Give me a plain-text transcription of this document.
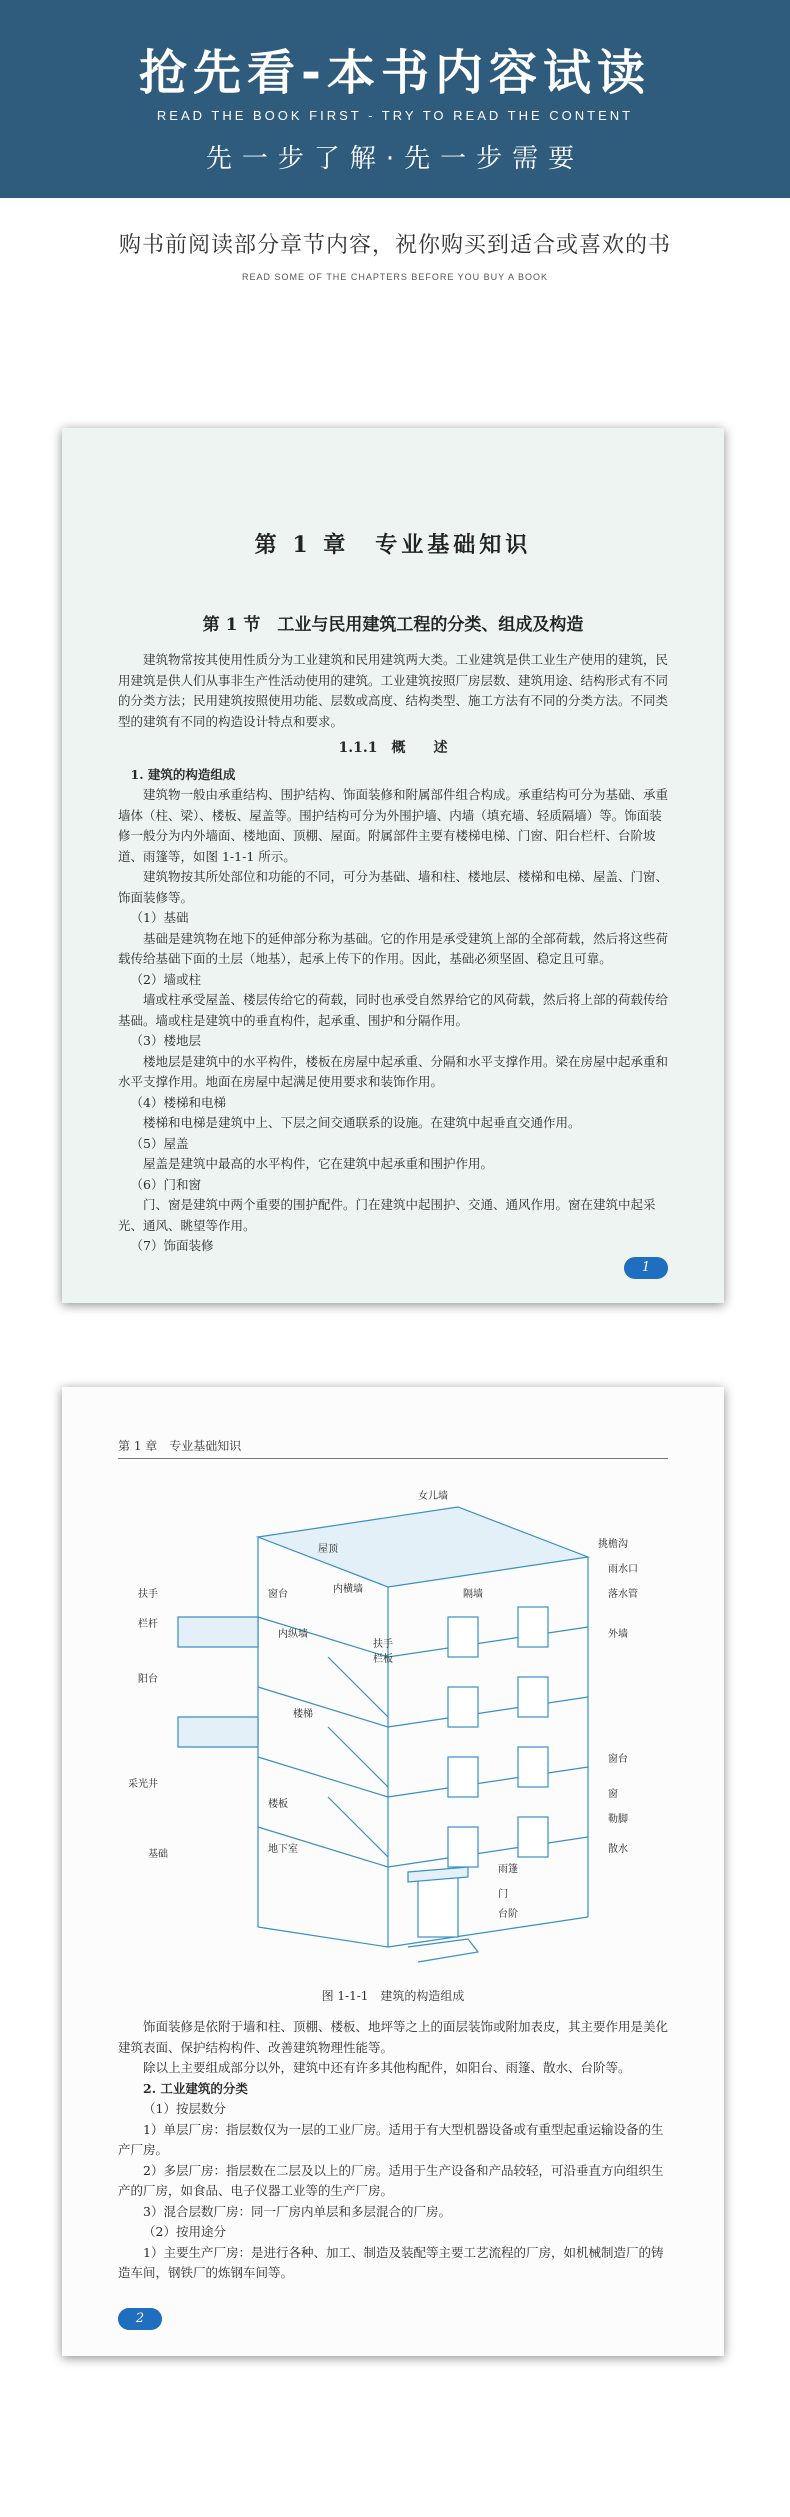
抢先看-本书内容试读
READ THE BOOK FIRST - TRY TO READ THE CONTENT
先一步了解·先一步需要
购书前阅读部分章节内容，祝你购买到适合或喜欢的书
READ SOME OF THE CHAPTERS BEFORE YOU BUY A BOOK
第 1 章　专业基础知识
第 1 节　工业与民用建筑工程的分类、组成及构造

建筑物常按其使用性质分为工业建筑和民用建筑两大类。工业建筑是供工业生产使用的建筑，民用建筑是供人们从事非生产性活动使用的建筑。工业建筑按照厂房层数、建筑用途、结构形式有不同的分类方法；民用建筑按照使用功能、层数或高度、结构类型、施工方法有不同的分类方法。不同类型的建筑有不同的构造设计特点和要求。

1.1.1　概　　述

1. 建筑的构造组成

建筑物一般由承重结构、围护结构、饰面装修和附属部件组合构成。承重结构可分为基础、承重墙体（柱、梁）、楼板、屋盖等。围护结构可分为外围护墙、内墙（填充墙、轻质隔墙）等。饰面装修一般分为内外墙面、楼地面、顶棚、屋面。附属部件主要有楼梯电梯、门窗、阳台栏杆、台阶坡道、雨篷等，如图 1-1-1 所示。

建筑物按其所处部位和功能的不同，可分为基础、墙和柱、楼地层、楼梯和电梯、屋盖、门窗、饰面装修等。

（1）基础

基础是建筑物在地下的延伸部分称为基础。它的作用是承受建筑上部的全部荷载，然后将这些荷载传给基础下面的土层（地基），起承上传下的作用。因此，基础必须坚固、稳定且可靠。

（2）墙或柱

墙或柱承受屋盖、楼层传给它的荷载，同时也承受自然界给它的风荷载，然后将上部的荷载传给基础。墙或柱是建筑中的垂直构件，起承重、围护和分隔作用。

（3）楼地层

楼地层是建筑中的水平构件，楼板在房屋中起承重、分隔和水平支撑作用。梁在房屋中起承重和水平支撑作用。地面在房屋中起满足使用要求和装饰作用。

（4）楼梯和电梯

楼梯和电梯是建筑中上、下层之间交通联系的设施。在建筑中起垂直交通作用。

（5）屋盖

屋盖是建筑中最高的水平构件，它在建筑中起承重和围护作用。

（6）门和窗

门、窗是建筑中两个重要的围护配件。门在建筑中起围护、交通、通风作用。窗在建筑中起采光、通风、眺望等作用。

（7）饰面装修

1
第 1 章　专业基础知识
女儿墙
屋顶	挑檐沟
雨水口
扶手	落水管
栏杆
窗台	内横墙	隔墙
外墙
内纵墙
扶手
栏板
阳台
楼梯
窗台
窗
采光井
楼板
勒脚
散水
地下室
基础
雨篷
门
台阶
图 1-1-1　建筑的构造组成

饰面装修是依附于墙和柱、顶棚、楼板、地坪等之上的面层装饰或附加表皮，其主要作用是美化建筑表面、保护结构构件、改善建筑物理性能等。

除以上主要组成部分以外，建筑中还有许多其他构配件，如阳台、雨篷、散水、台阶等。

2. 工业建筑的分类

（1）按层数分

1）单层厂房：指层数仅为一层的工业厂房。适用于有大型机器设备或有重型起重运输设备的生产厂房。

2）多层厂房：指层数在二层及以上的厂房。适用于生产设备和产品较轻，可沿垂直方向组织生产的厂房，如食品、电子仪器工业等的生产厂房。

3）混合层数厂房：同一厂房内单层和多层混合的厂房。

（2）按用途分

1）主要生产厂房：是进行各种、加工、制造及装配等主要工艺流程的厂房，如机械制造厂的铸造车间，钢铁厂的炼钢车间等。

2
